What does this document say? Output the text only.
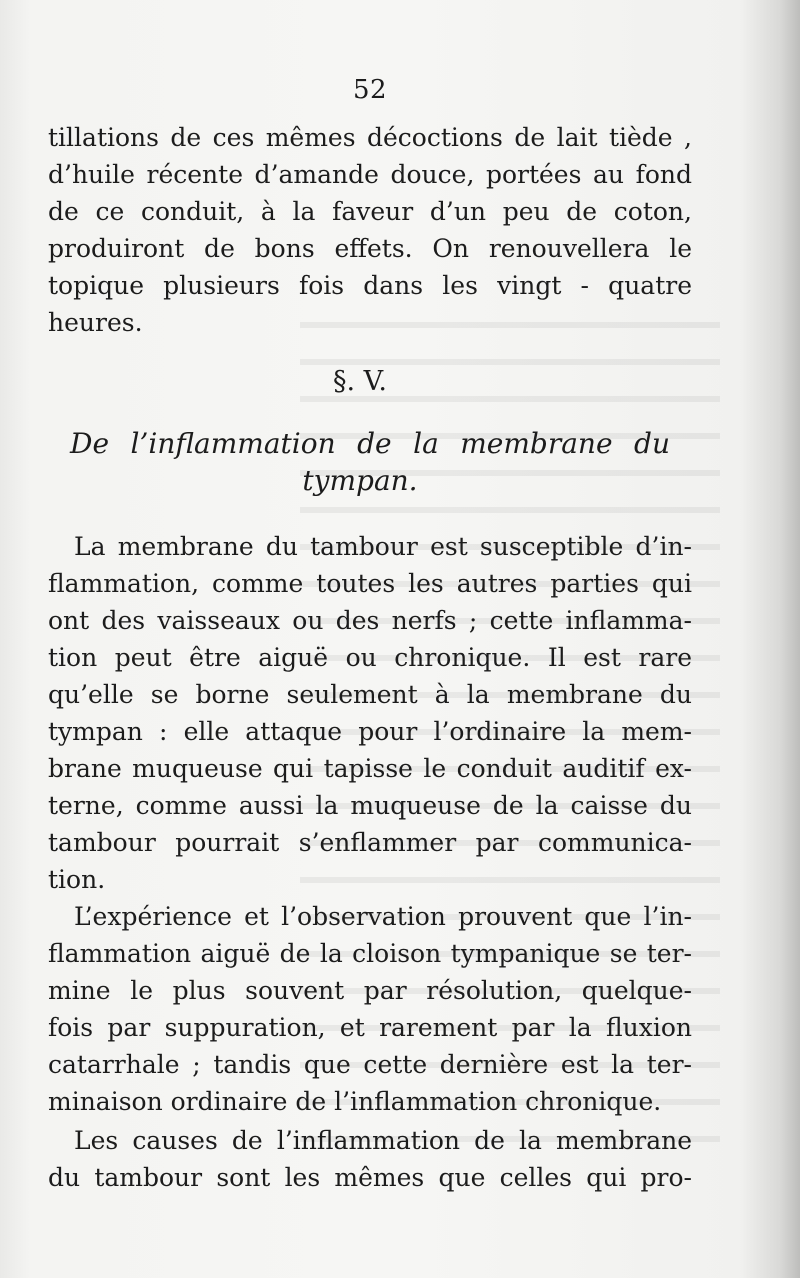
52
tillations de ces mêmes décoctions de lait tiède ,
d’huile récente d’amande douce, portées au fond
de ce conduit, à la faveur d’un peu de coton,
produiront de bons effets. On renouvellera le
topique plusieurs fois dans les vingt - quatre
heures.
§. V.
De l’inflammation de la membrane du
tympan.
La membrane du tambour est susceptible d’in-
flammation, comme toutes les autres parties qui
ont des vaisseaux ou des nerfs ; cette inflamma-
tion peut être aiguë ou chronique. Il est rare
qu’elle se borne seulement à la membrane du
tympan : elle attaque pour l’ordinaire la mem-
brane muqueuse qui tapisse le conduit auditif ex-
terne, comme aussi la muqueuse de la caisse du
tambour pourrait s’enflammer par communica-
tion.
L’expérience et l’observation prouvent que l’in-
flammation aiguë de la cloison tympanique se ter-
mine le plus souvent par résolution, quelque-
fois par suppuration, et rarement par la fluxion
catarrhale ; tandis que cette dernière est la ter-
minaison ordinaire de l’inflammation chronique.
Les causes de l’inflammation de la membrane
du tambour sont les mêmes que celles qui pro-
